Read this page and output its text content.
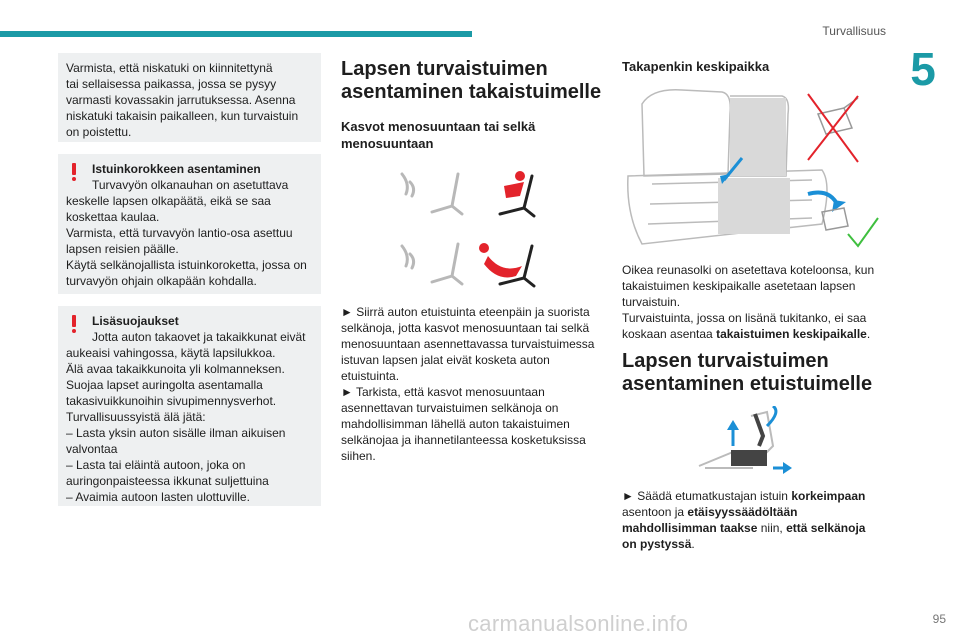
Turvallisuus
5

Varmista, että niskatuki on kiinnitettynä

tai sellaisessa paikassa, jossa se pysyy

varmasti kovassakin jarrutuksessa. Asenna

niskatuki takaisin paikalleen, kun turvaistuin

on poistettu.

Istuinkorokkeen asentaminen

Turvavyön olkanauhan on asetuttava

keskelle lapsen olkapäätä, eikä se saa

koskettaa kaulaa.

Varmista, että turvavyön lantio-osa asettuu

lapsen reisien päälle.

Käytä selkänojallista istuinkoroketta, jossa on

turvavyön ohjain olkapään kohdalla.

Lisäsuojaukset

Jotta auton takaovet ja takaikkunat eivät

aukeaisi vahingossa, käytä lapsilukkoa.

Älä avaa takaikkunoita yli kolmanneksen.

Suojaa lapset auringolta asentamalla

takasivuikkunoihin sivupimennysverhot.

Turvallisuussyistä älä jätä:

– Lasta yksin auton sisälle ilman aikuisen

valvontaa

– Lasta tai eläintä autoon, joka on

auringonpaisteessa ikkunat suljettuina

– Avaimia autoon lasten ulottuville.

Lapsen turvaistuimen
asentaminen takaistuimelle
Kasvot menosuuntaan tai selkä
menosuuntaan

► Siirrä auton etuistuinta eteenpäin ja suorista

selkänoja, jotta kasvot menosuuntaan tai selkä

menosuuntaan asennettavassa turvaistuimessa

istuvan lapsen jalat eivät kosketa auton

etuistuinta.

► Tarkista, että kasvot menosuuntaan

asennettavan turvaistuimen selkänoja on

mahdollisimman lähellä auton takaistuimen

selkänojaa ja ihannetilanteessa kosketuksissa

siihen.

Takapenkin keskipaikka

Oikea reunasolki on asetettava koteloonsa, kun

takaistuimen keskipaikalle asetetaan lapsen

turvaistuin.

Turvaistuinta, jossa on lisänä tukitanko, ei saa

koskaan asentaa takaistuimen keskipaikalle.

Lapsen turvaistuimen
asentaminen etuistuimelle

► Säädä etumatkustajan istuin korkeimpaan

asentoon ja etäisyyssäädöltään

mahdollisimman taakse niin, että selkänoja

on pystyssä.

carmanualsonline.info	95
